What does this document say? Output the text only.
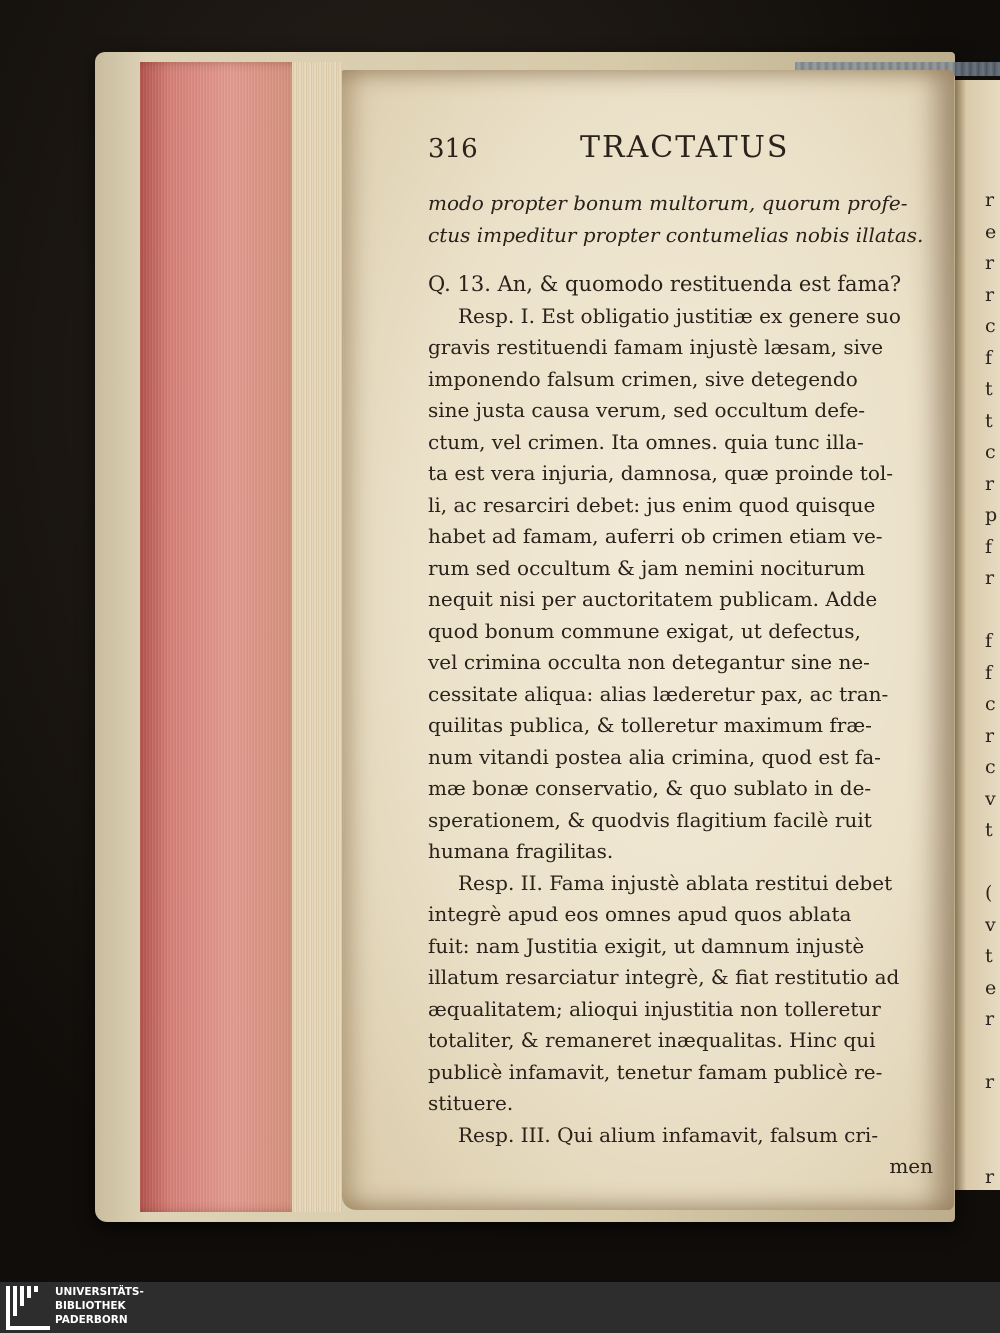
r
e
r
r
c
f
t
t
c
r
p
f
r

f
f
c
r
c
v
t

(
v
t
e
r

r

r
316	TRACTATUS
modo propter bonum multorum, quorum profe-
ctus impeditur propter contumelias nobis illatas.
Q. 13. An, & quomodo restituenda est fama?
Resp. I. Est obligatio justitiæ ex genere suo
gravis restituendi famam injustè læsam, sive
imponendo falsum crimen, sive detegendo
sine justa causa verum, sed occultum defe-
ctum, vel crimen. Ita omnes. quia tunc illa-
ta est vera injuria, damnosa, quæ proinde tol-
li, ac resarciri debet: jus enim quod quisque
habet ad famam, auferri ob crimen etiam ve-
rum sed occultum & jam nemini nociturum
nequit nisi per auctoritatem publicam. Adde
quod bonum commune exigat, ut defectus,
vel crimina occulta non detegantur sine ne-
cessitate aliqua: alias læderetur pax, ac tran-
quilitas publica, & tolleretur maximum fræ-
num vitandi postea alia crimina, quod est fa-
mæ bonæ conservatio, & quo sublato in de-
sperationem, & quodvis flagitium facilè ruit
humana fragilitas.
Resp. II. Fama injustè ablata restitui debet
integrè apud eos omnes apud quos ablata
fuit: nam Justitia exigit, ut damnum injustè
illatum resarciatur integrè, & fiat restitutio ad
æqualitatem; alioqui injustitia non tolleretur
totaliter, & remaneret inæqualitas. Hinc qui
publicè infamavit, tenetur famam publicè re-
stituere.
Resp. III. Qui alium infamavit, falsum cri-
men
UNIVERSITÄTS-
BIBLIOTHEK
PADERBORN
